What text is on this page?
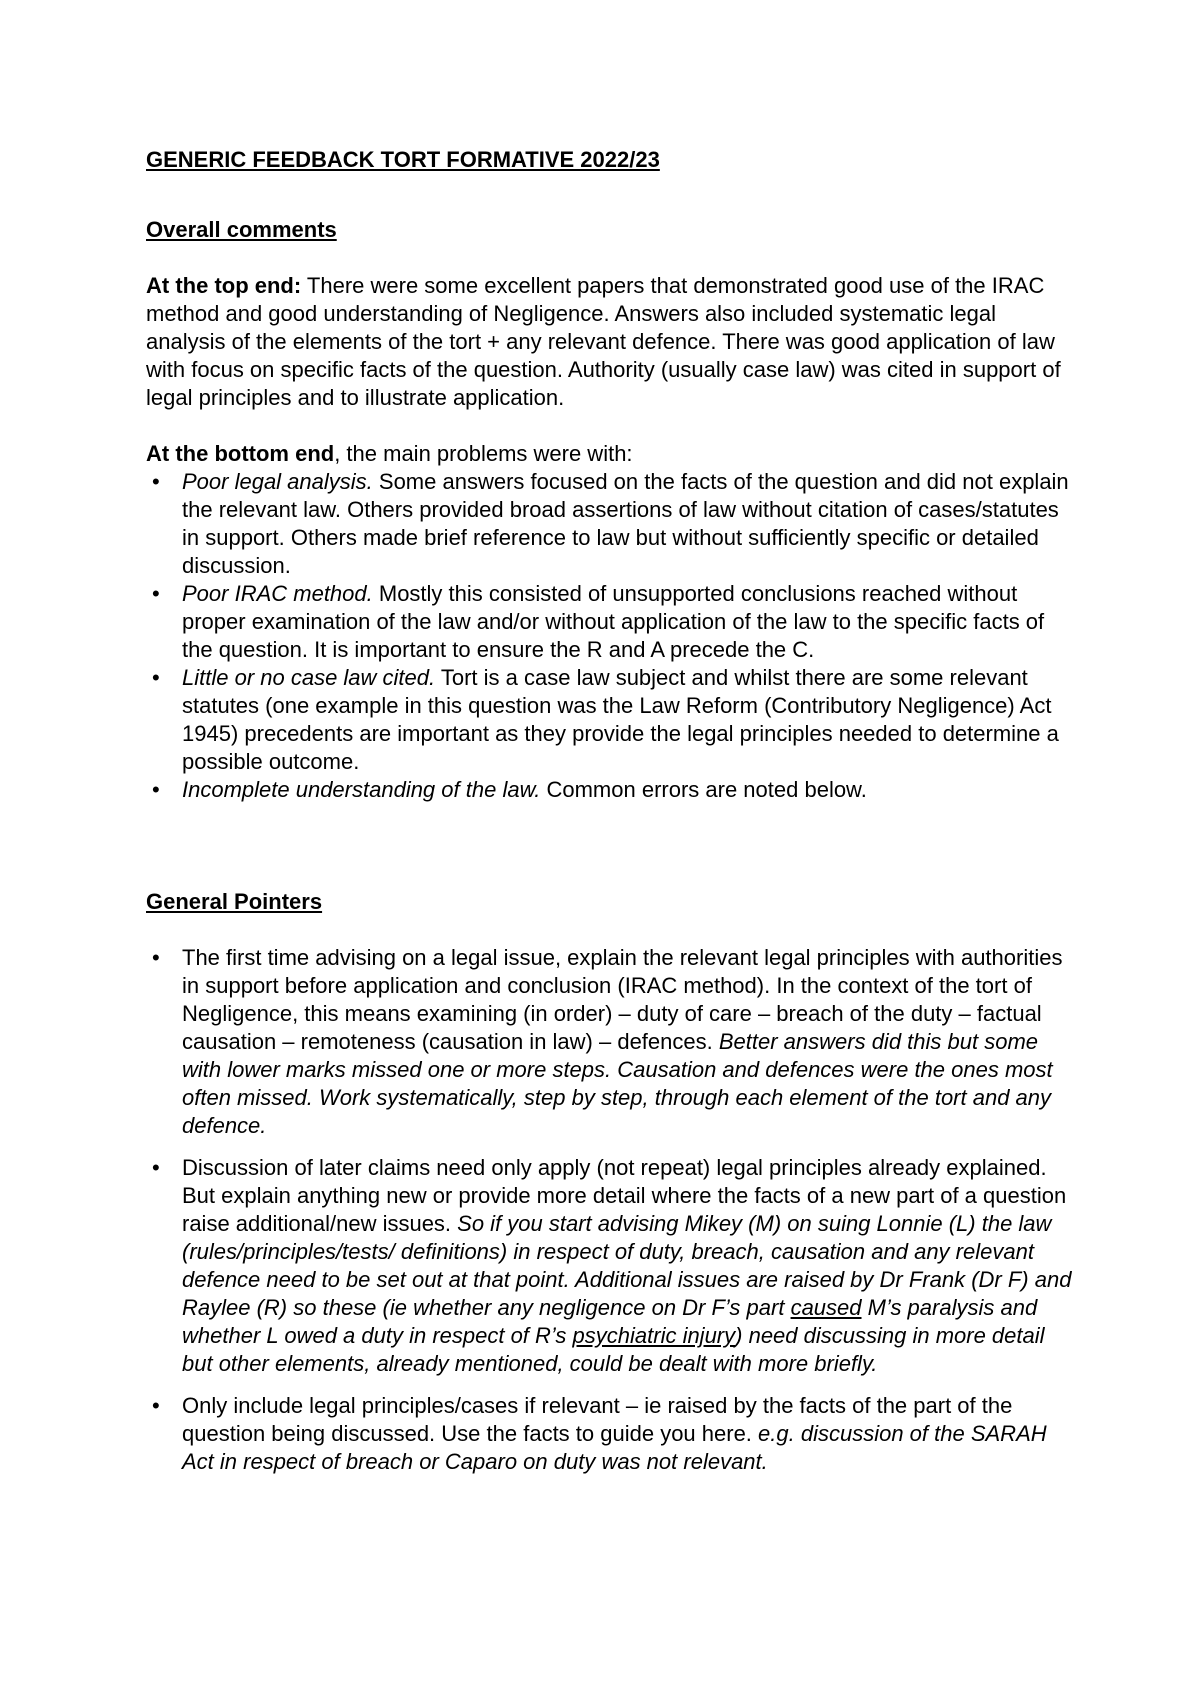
GENERIC FEEDBACK TORT FORMATIVE 2022/23

Overall comments

At the top end: There were some excellent papers that demonstrated good use of the IRAC method and good understanding of Negligence. Answers also included systematic legal analysis of the elements of the tort + any relevant defence. There was good application of law with focus on specific facts of the question. Authority (usually case law) was cited in support of legal principles and to illustrate application.

At the bottom end, the main problems were with:

•	Poor legal analysis. Some answers focused on the facts of the question and did not explain the relevant law. Others provided broad assertions of law without citation of cases/statutes in support. Others made brief reference to law but without sufficiently specific or detailed discussion.
•	Poor IRAC method. Mostly this consisted of unsupported conclusions reached without proper examination of the law and/or without application of the law to the specific facts of the question. It is important to ensure the R and A precede the C.
•	Little or no case law cited. Tort is a case law subject and whilst there are some relevant statutes (one example in this question was the Law Reform (Contributory Negligence) Act 1945) precedents are important as they provide the legal principles needed to determine a possible outcome.
•	Incomplete understanding of the law. Common errors are noted below.

General Pointers

•	The first time advising on a legal issue, explain the relevant legal principles with authorities in support before application and conclusion (IRAC method). In the context of the tort of Negligence, this means examining (in order) – duty of care – breach of the duty – factual causation – remoteness (causation in law) – defences. Better answers did this but some with lower marks missed one or more steps. Causation and defences were the ones most often missed. Work systematically, step by step, through each element of the tort and any defence.
•	Discussion of later claims need only apply (not repeat) legal principles already explained. But explain anything new or provide more detail where the facts of a new part of a question raise additional/new issues. So if you start advising Mikey (M) on suing Lonnie (L) the law (rules/principles/tests/ definitions) in respect of duty, breach, causation and any relevant defence need to be set out at that point. Additional issues are raised by Dr Frank (Dr F) and Raylee (R) so these (ie whether any negligence on Dr F’s part caused M’s paralysis and whether L owed a duty in respect of R’s psychiatric injury) need discussing in more detail but other elements, already mentioned, could be dealt with more briefly.
•	Only include legal principles/cases if relevant – ie raised by the facts of the part of the question being discussed. Use the facts to guide you here. e.g. discussion of the SARAH Act in respect of breach or Caparo on duty was not relevant.
